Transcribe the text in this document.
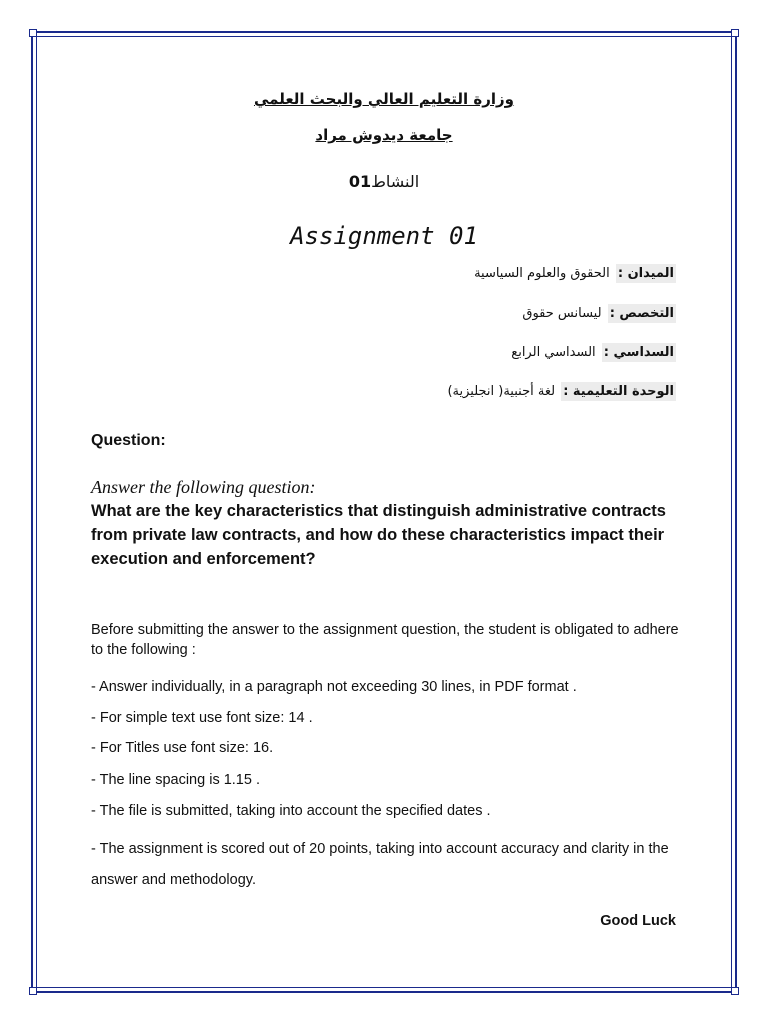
وزارة التعليم العالي والبحث العلمي
جامعة ديدوش مراد
النشاط01
Assignment 01
الميدان : الحقوق والعلوم السياسية
التخصص : ليسانس حقوق
السداسي : السداسي الرابع
الوحدة التعليمية : لغة أجنبية( انجليزية)
Question:
Answer the following question:
What are the key characteristics that distinguish administrative contracts from private law contracts, and how do these characteristics impact their execution and enforcement?
Before submitting the answer to the assignment question, the student is obligated to adhere to the following :
- Answer individually, in a paragraph not exceeding 30 lines, in PDF format .
- For simple text use font size: 14 .
- For Titles use font size: 16.
- The line spacing is 1.15 .
- The file is submitted, taking into account the specified dates .
- The assignment is scored out of 20 points, taking into account accuracy and clarity in the answer and methodology.
Good Luck
